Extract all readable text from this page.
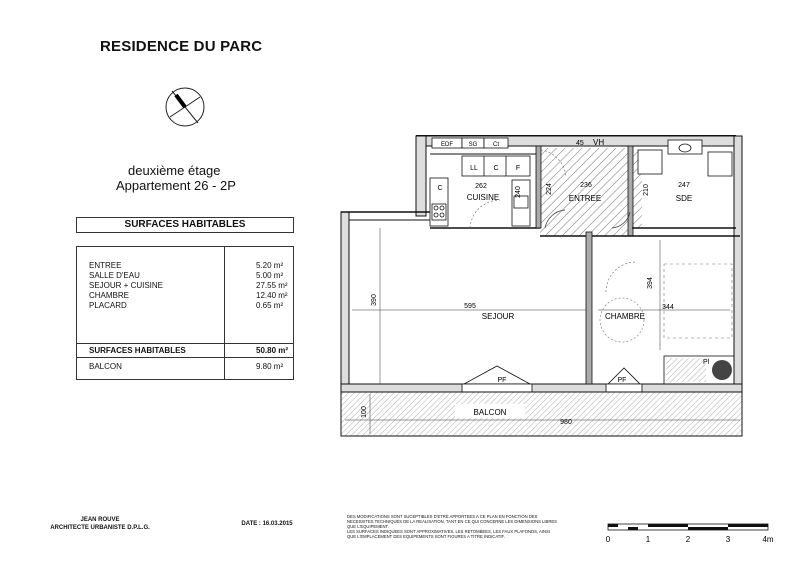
RESIDENCE DU PARC
deuxième étage
Appartement 26 - 2P
SURFACES HABITABLES
ENTREE	5.20 m²
SALLE D'EAU	5.00 m²
SEJOUR + CUISINE	27.55 m²
CHAMBRE	12.40 m²
PLACARD	0.65 m²
SURFACES HABITABLES	50.80 m²
BALCON	9.80 m²
EDF	SG	Ct
LL C F
C
VH
45
Pl
PF	PF
SEJOUR	CHAMBRE
ENTREE
CUISINE	SDE
BALCON
262	240	224	236	210	247
390
595
394
344
100
980
JEAN ROUVE
ARCHITECTE URBANISTE D.P.L.G.
DATE : 16.03.2015
DES MODIFICATIONS SONT SUCEPTIBLES D'ETRE APPORTEES A CE PLAN EN FONCTION DES NECESSITES TECHNIQUES DE LA REALISATION, TANT EN CE QUI CONCERNE LES DIMENSIONS LIBRES QUE L'EQUIPEMENT.
LES SURFACES INDIQUEES SONT APPROXIMATIVES, LES RETOMBEES, LES FAUX PLAFONDS, AINSI QUE L'EMPLACEMENT DES EQUIPEMENTS SONT FIGURES A TITRE INDICATIF.	0	1	2	3	4m
